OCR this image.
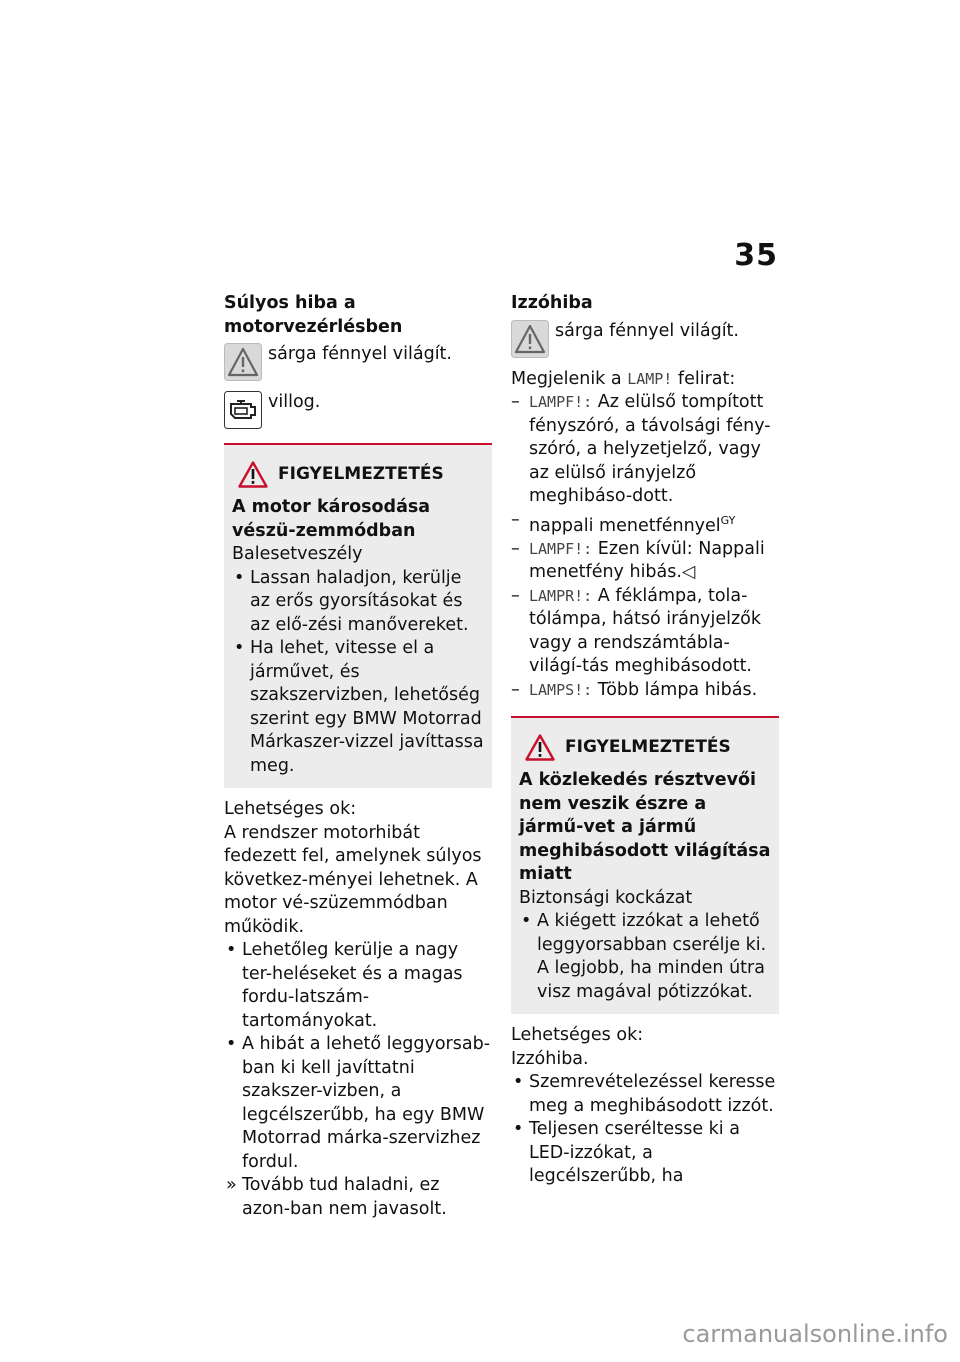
35
Súlyos hiba a motorvezérlésben
sárga fénnyel világít.
villog.
FIGYELMEZTETÉS
A motor károsodása vészü-zemmódban
Balesetveszély
• Lassan haladjon, kerülje az erős gyorsításokat és az elő-zési manővereket.
• Ha lehet, vitesse el a járművet, és szakszervizben, lehetőség szerint egy BMW Motorrad Márkaszer-vizzel javíttassa meg.
Lehetséges ok:
A rendszer motorhibát fedezett fel, amelynek súlyos következ-ményei lehetnek. A motor vé-szüzemmódban működik.
• Lehetőleg kerülje a nagy ter-heléseket és a magas fordu-latszám-tartományokat.
• A hibát a lehető leggyorsab-ban ki kell javíttatni szakszer-vizben, a legcélszerűbb, ha egy BMW Motorrad márka-szervizhez fordul.
» Tovább tud haladni, ez azon-ban nem javasolt.
Izzóhiba
sárga fénnyel világít.
Megjelenik a LAMP! felirat:
– LAMPF!: Az elülső tompított fényszóró, a távolsági fény-szóró, a helyzetjelző, vagy az elülső irányjelző meghibáso-dott.
– nappali menetfénnyel$^{GY}$
– LAMPF!: Ezen kívül: Nappali menetfény hibás.◁
– LAMPR!: A féklámpa, tola-tólámpa, hátsó irányjelzők vagy a rendszámtábla-világí-tás meghibásodott.
– LAMPS!: Több lámpa hibás.
FIGYELMEZTETÉS
A közlekedés résztvevői nem veszik észre a jármű-vet a jármű meghibásodott világítása miatt
Biztonsági kockázat
• A kiégett izzókat a lehető leggyorsabban cserélje ki. A legjobb, ha minden útra visz magával pótizzókat.
Lehetséges ok:
Izzóhiba.
• Szemrevételezéssel keresse meg a meghibásodott izzót.
• Teljesen cseréltesse ki a LED-izzókat, a legcélszerűbb, ha
carmanualsonline.info
